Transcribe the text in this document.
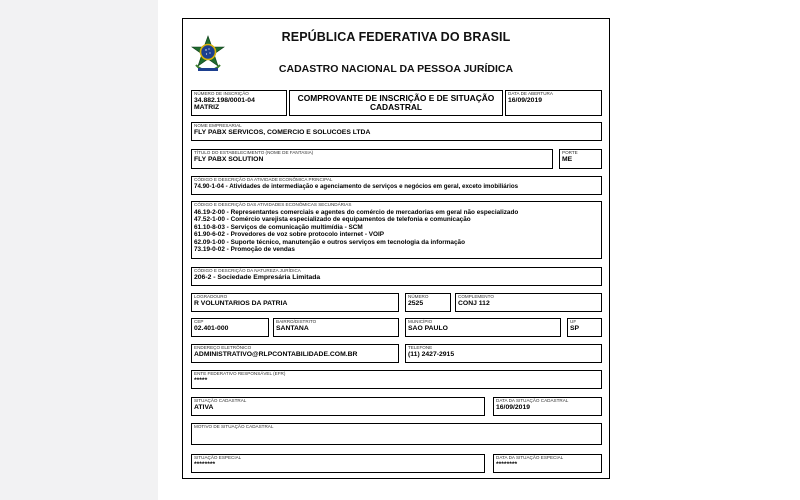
REPÚBLICA FEDERATIVA DO BRASIL
CADASTRO NACIONAL DA PESSOA JURÍDICA
NÚMERO DE INSCRIÇÃO
34.882.198/0001-04
MATRIZ
COMPROVANTE DE INSCRIÇÃO E DE SITUAÇÃO
CADASTRAL
DATA DE ABERTURA
16/09/2019
NOME EMPRESARIAL
FLY PABX SERVICOS, COMERCIO E SOLUCOES LTDA
TÍTULO DO ESTABELECIMENTO (NOME DE FANTASIA)
FLY PABX SOLUTION
PORTE
ME
CÓDIGO E DESCRIÇÃO DA ATIVIDADE ECONÔMICA PRINCIPAL
74.90-1-04 - Atividades de intermediação e agenciamento de serviços e negócios em geral, exceto imobiliários
CÓDIGO E DESCRIÇÃO DAS ATIVIDADES ECONÔMICAS SECUNDÁRIAS
46.19-2-00 - Representantes comerciais e agentes do comércio de mercadorias em geral não especializado
47.52-1-00 - Comércio varejista especializado de equipamentos de telefonia e comunicação
61.10-8-03 - Serviços de comunicação multimídia - SCM
61.90-6-02 - Provedores de voz sobre protocolo internet - VOIP
62.09-1-00 - Suporte técnico, manutenção e outros serviços em tecnologia da informação
73.19-0-02 - Promoção de vendas
CÓDIGO E DESCRIÇÃO DA NATUREZA JURÍDICA
206-2 - Sociedade Empresária Limitada
LOGRADOURO
R VOLUNTARIOS DA PATRIA
NÚMERO
2525
COMPLEMENTO
CONJ 112
CEP
02.401-000
BAIRRO/DISTRITO
SANTANA
MUNICÍPIO
SAO PAULO
UF
SP
ENDEREÇO ELETRÔNICO
ADMINISTRATIVO@RLPCONTABILIDADE.COM.BR
TELEFONE
(11) 2427-2915
ENTE FEDERATIVO RESPONSÁVEL (EFR)
*****
SITUAÇÃO CADASTRAL
ATIVA
DATA DA SITUAÇÃO CADASTRAL
16/09/2019
MOTIVO DE SITUAÇÃO CADASTRAL
SITUAÇÃO ESPECIAL
********
DATA DA SITUAÇÃO ESPECIAL
********
